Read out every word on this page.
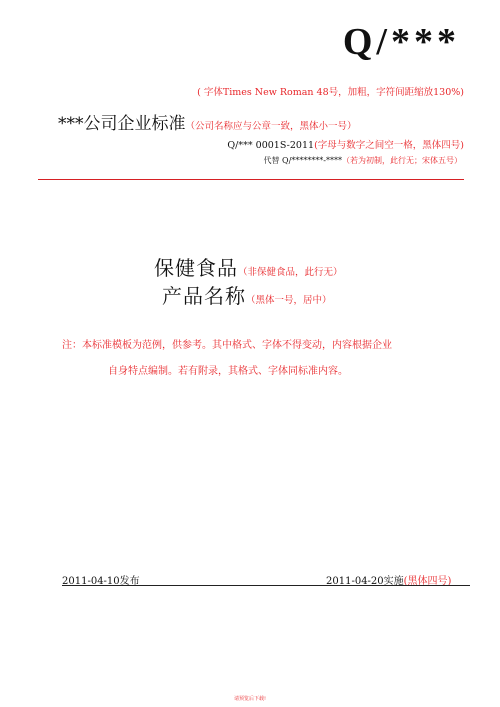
Q/***
( 字体Times New Roman 48号，加粗，字符间距缩放130%)
***公司企业标准（公司名称应与公章一致，黑体小一号）
Q/*** 0001S-2011(字母与数字之间空一格，黑体四号)
代替 Q/********-****（若为初制，此行无；宋体五号）
保健食品（非保健食品，此行无）
产品名称（黑体一号，居中）
注：本标准模板为范例，供参考。其中格式、字体不得变动，内容根据企业
自身特点编制。若有附录，其格式、字体同标准内容。
2011-04-10发布	2011-04-20实施(黑体四号)
请预览后下载!
